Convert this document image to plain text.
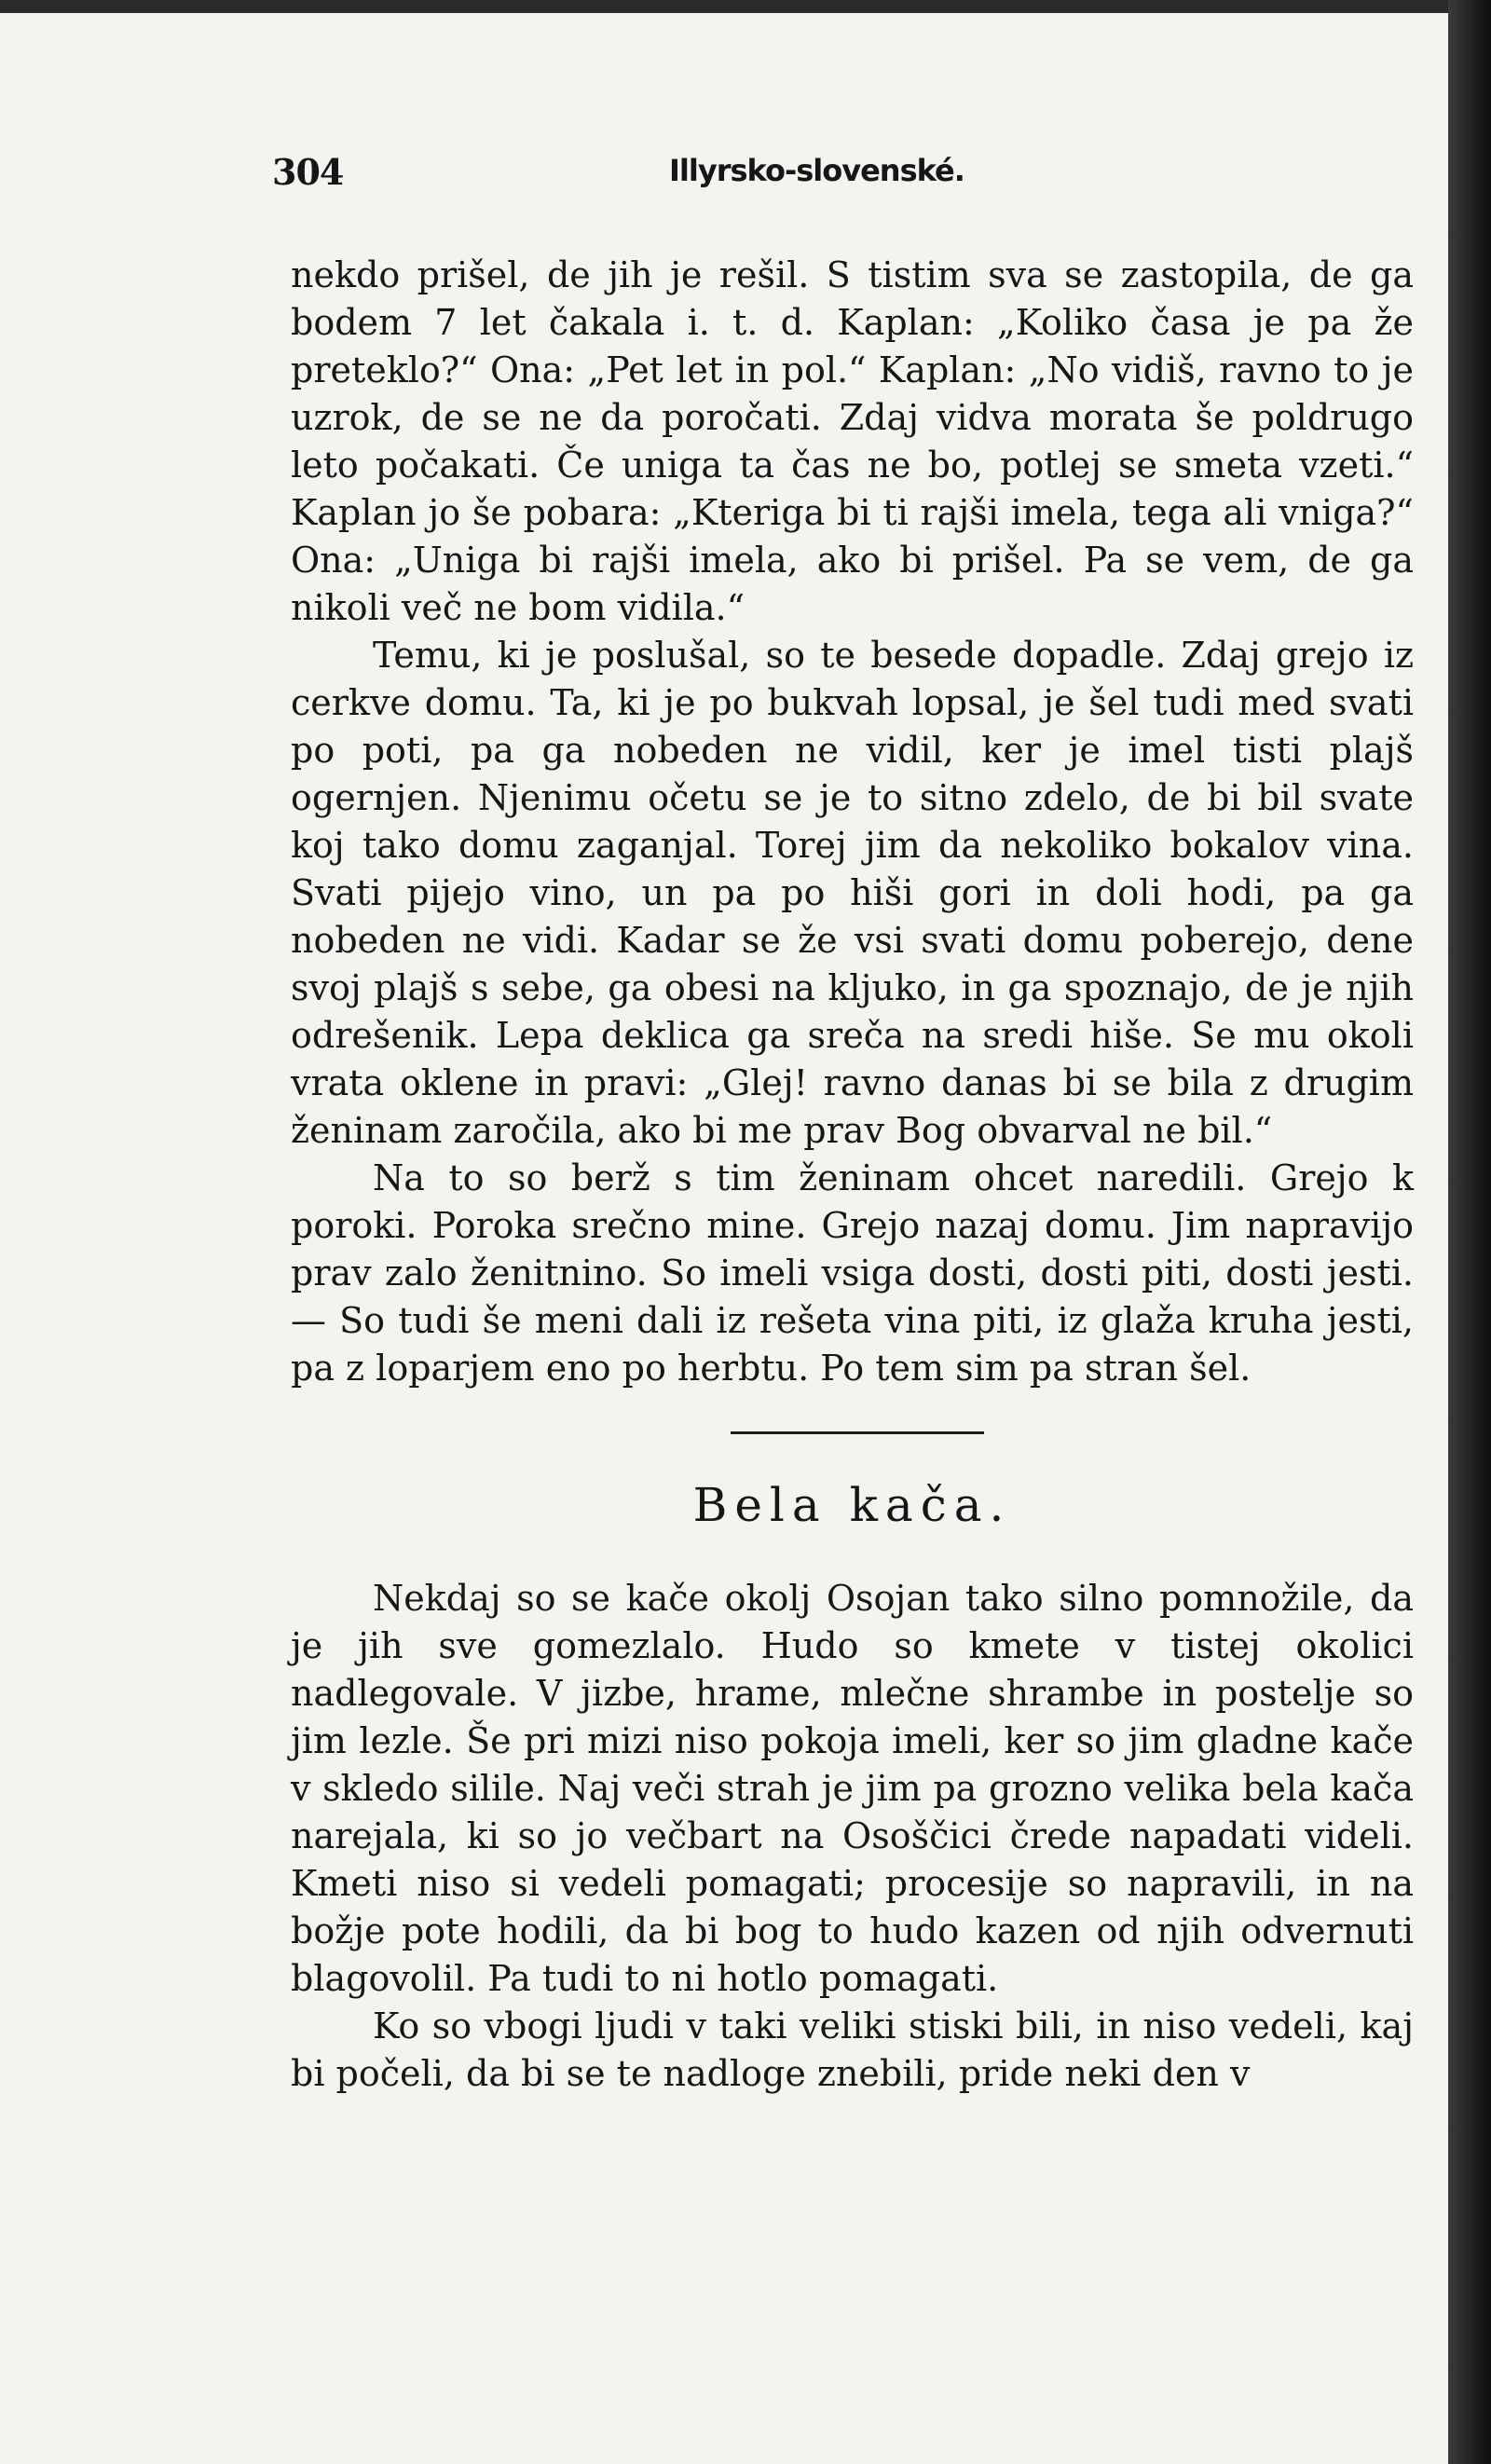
304	Illyrsko-slovenské.

nekdo prišel, de jih je rešil. S tistim sva se zastopila, de ga bodem 7 let čakala i. t. d. Kaplan: „Koliko časa je pa že preteklo?“ Ona: „Pet let in pol.“ Kaplan: „No vidiš, ravno to je uzrok, de se ne da poročati. Zdaj vidva morata še poldrugo leto počakati. Če uniga ta čas ne bo, potlej se smeta vzeti.“ Kaplan jo še pobara: „Kteriga bi ti rajši imela, tega ali vniga?“ Ona: „Uniga bi rajši imela, ako bi prišel. Pa se vem, de ga nikoli več ne bom vidila.“

Temu, ki je poslušal, so te besede dopadle. Zdaj grejo iz cerkve domu. Ta, ki je po bukvah lopsal, je šel tudi med svati po poti, pa ga nobeden ne vidil, ker je imel tisti plajš ogernjen. Njenimu očetu se je to sitno zdelo, de bi bil svate koj tako domu zaganjal. Torej jim da nekoliko bokalov vina. Svati pijejo vino, un pa po hiši gori in doli hodi, pa ga nobeden ne vidi. Kadar se že vsi svati domu poberejo, dene svoj plajš s sebe, ga obesi na kljuko, in ga spoznajo, de je njih odrešenik. Lepa deklica ga sreča na sredi hiše. Se mu okoli vrata oklene in pravi: „Glej! ravno danas bi se bila z drugim ženinam zaročila, ako bi me prav Bog obvarval ne bil.“

Na to so berž s tim ženinam ohcet naredili. Grejo k poroki. Poroka srečno mine. Grejo nazaj domu. Jim napravijo prav zalo ženitnino. So imeli vsiga dosti, dosti piti, dosti jesti. — So tudi še meni dali iz rešeta vina piti, iz glaža kruha jesti, pa z loparjem eno po herbtu. Po tem sim pa stran šel.

Bela kača.

Nekdaj so se kače okolj Osojan tako silno pomnožile, da je jih sve gomezlalo. Hudo so kmete v tistej okolici nadlegovale. V jizbe, hrame, mlečne shrambe in postelje so jim lezle. Še pri mizi niso pokoja imeli, ker so jim gladne kače v skledo silile. Naj veči strah je jim pa grozno velika bela kača narejala, ki so jo večbart na Osoščici črede napadati videli. Kmeti niso si vedeli pomagati; procesije so napravili, in na božje pote hodili, da bi bog to hudo kazen od njih odvernuti blagovolil. Pa tudi to ni hotlo pomagati.

Ko so vbogi ljudi v taki veliki stiski bili, in niso vedeli, kaj bi počeli, da bi se te nadloge znebili, pride neki den v
